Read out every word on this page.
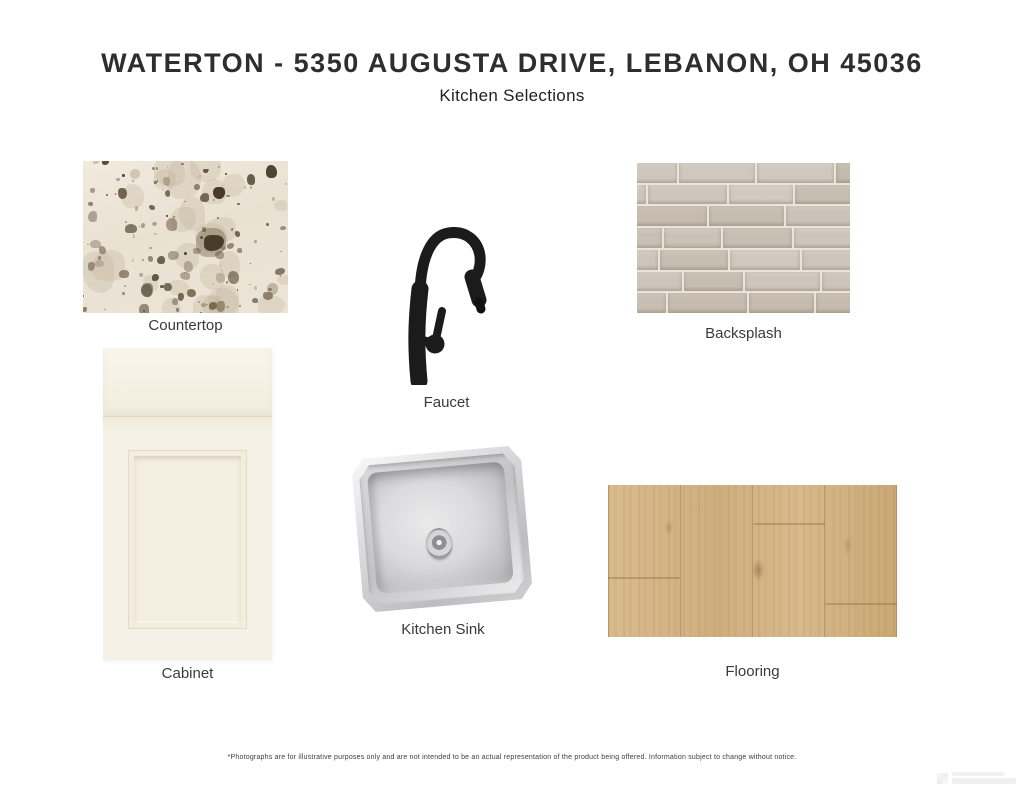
WATERTON - 5350 AUGUSTA DRIVE, LEBANON, OH 45036
Kitchen Selections
Countertop
Faucet
Backsplash
Cabinet
Kitchen Sink
Flooring
*Photographs are for illustrative purposes only and are not intended to be an actual representation of the product being offered. Information subject to change without notice.
